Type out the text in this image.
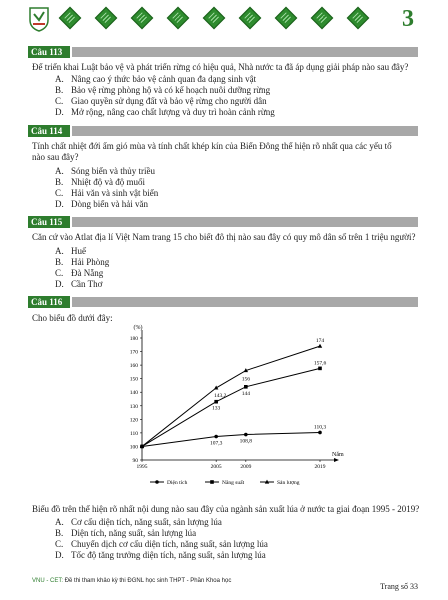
3
Câu 113
Để triển khai Luật bảo vệ và phát triển rừng có hiệu quả, Nhà nước ta đã áp dụng giải pháp nào sau đây?
A. Nâng cao ý thức bảo vệ cảnh quan đa dạng sinh vật
B. Bảo vệ rừng phòng hộ và có kế hoạch nuôi dưỡng rừng
C. Giao quyền sử dụng đất và bảo vệ rừng cho người dân
D. Mở rộng, nâng cao chất lượng và duy trì hoàn cảnh rừng
Câu 114
Tính chất nhiệt đới ẩm gió mùa và tính chất khép kín của Biển Đông thể hiện rõ nhất qua các yếu tố
nào sau đây?
A. Sóng biển và thủy triều
B. Nhiệt độ và độ muối
C. Hải văn và sinh vật biển
D. Dòng biển và hải văn
Câu 115
Căn cứ vào Atlat địa lí Việt Nam trang 15 cho biết đô thị nào sau đây có quy mô dân số trên 1 triệu người?
A. Huế
B. Hải Phòng
C. Đà Nẵng
D. Cần Thơ
Câu 116
Cho biểu đồ dưới đây:
(%)
Năm
90
100
110
120
130
140
150
160
170
180
1995	2005	2009	2019
107,3	108,8
110,3
133
144
157,6
143,2
156
174
Diện tích	Năng suất	Sản lượng
Biểu đồ trên thể hiện rõ nhất nội dung nào sau đây của ngành sản xuất lúa ở nước ta giai đoạn 1995 - 2019?
A. Cơ cấu diện tích, năng suất, sản lượng lúa
B. Diện tích, năng suất, sản lượng lúa
C. Chuyển dịch cơ cấu diện tích, năng suất, sản lượng lúa
D. Tốc độ tăng trưởng diện tích, năng suất, sản lượng lúa
VNU - CET: Đề thi tham khảo kỳ thi ĐGNL học sinh THPT - Phần Khoa học
Trang số 33
